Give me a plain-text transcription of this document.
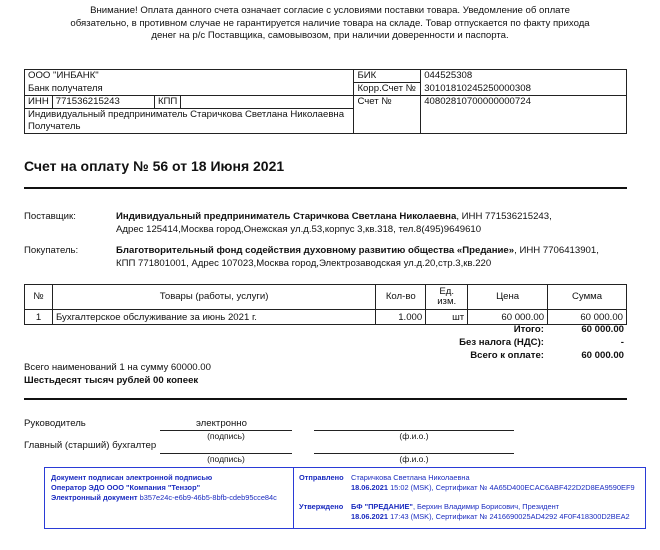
Внимание! Оплата данного счета означает согласие с условиями поставки товара. Уведомление об оплате
обязательно, в противном случае не гарантируется наличие товара на складе. Товар отпускается по факту прихода
денег на р/с Поставщика, самовывозом, при наличии доверенности и паспорта.
ООО "ИНБАНК"				БИК	044525308
Банк получателя				Корр.Счет №	30101810245250000308
ИНН	771536215243	КПП		Счет №	40802810700000000724
Индивидуальный предприниматель Старичкова Светлана Николаевна					
Получатель					
Счет на оплату № 56 от 18 Июня 2021
Поставщик:	Индивидуальный предприниматель Старичкова Светлана Николаевна, ИНН 771536215243,
Адрес 125414,Москва город,Онежская ул.д.53,корпус 3,кв.318, тел.8(495)9649610
Покупатель:	Благотворительный фонд содействия духовному развитию общества «Предание», ИНН 7706413901,
КПП 771801001, Адрес 107023,Москва город,Электрозаводская ул.д.20,стр.3,кв.220
№	Товары (работы, услуги)	Кол-во	Ед.
изм.	Цена	Сумма
1	Бухгалтерское обслуживание за июнь 2021 г.	1.000	шт	60 000.00	60 000.00
Итого:	60 000.00
Без налога (НДС):	-
Всего к оплате:	60 000.00
Всего наименований 1 на сумму 60000.00
Шестьдесят тысяч рублей 00 копеек
Руководитель	электронно
(подпись)	(ф.и.о.)
Главный (старший) бухгалтер
(подпись)	(ф.и.о.)
Документ подписан электронной подписью
Оператор ЭДО ООО "Компания "Тензор"
Электронный документ b357e24c-e6b9-46b5-8bfb-cdeb95cce84c
Отправлено Старичкова Светлана Николаевна
18.06.2021 15:02 (MSK), Сертификат № 4A65D400ECAC6ABF422D2D8EA9590EF9
Утверждено БФ "ПРЕДАНИЕ", Берхин Владимир Борисович, Президент
18.06.2021 17:43 (MSK), Сертификат № 2416690025AD4292 4F0F418300D2BEA2
